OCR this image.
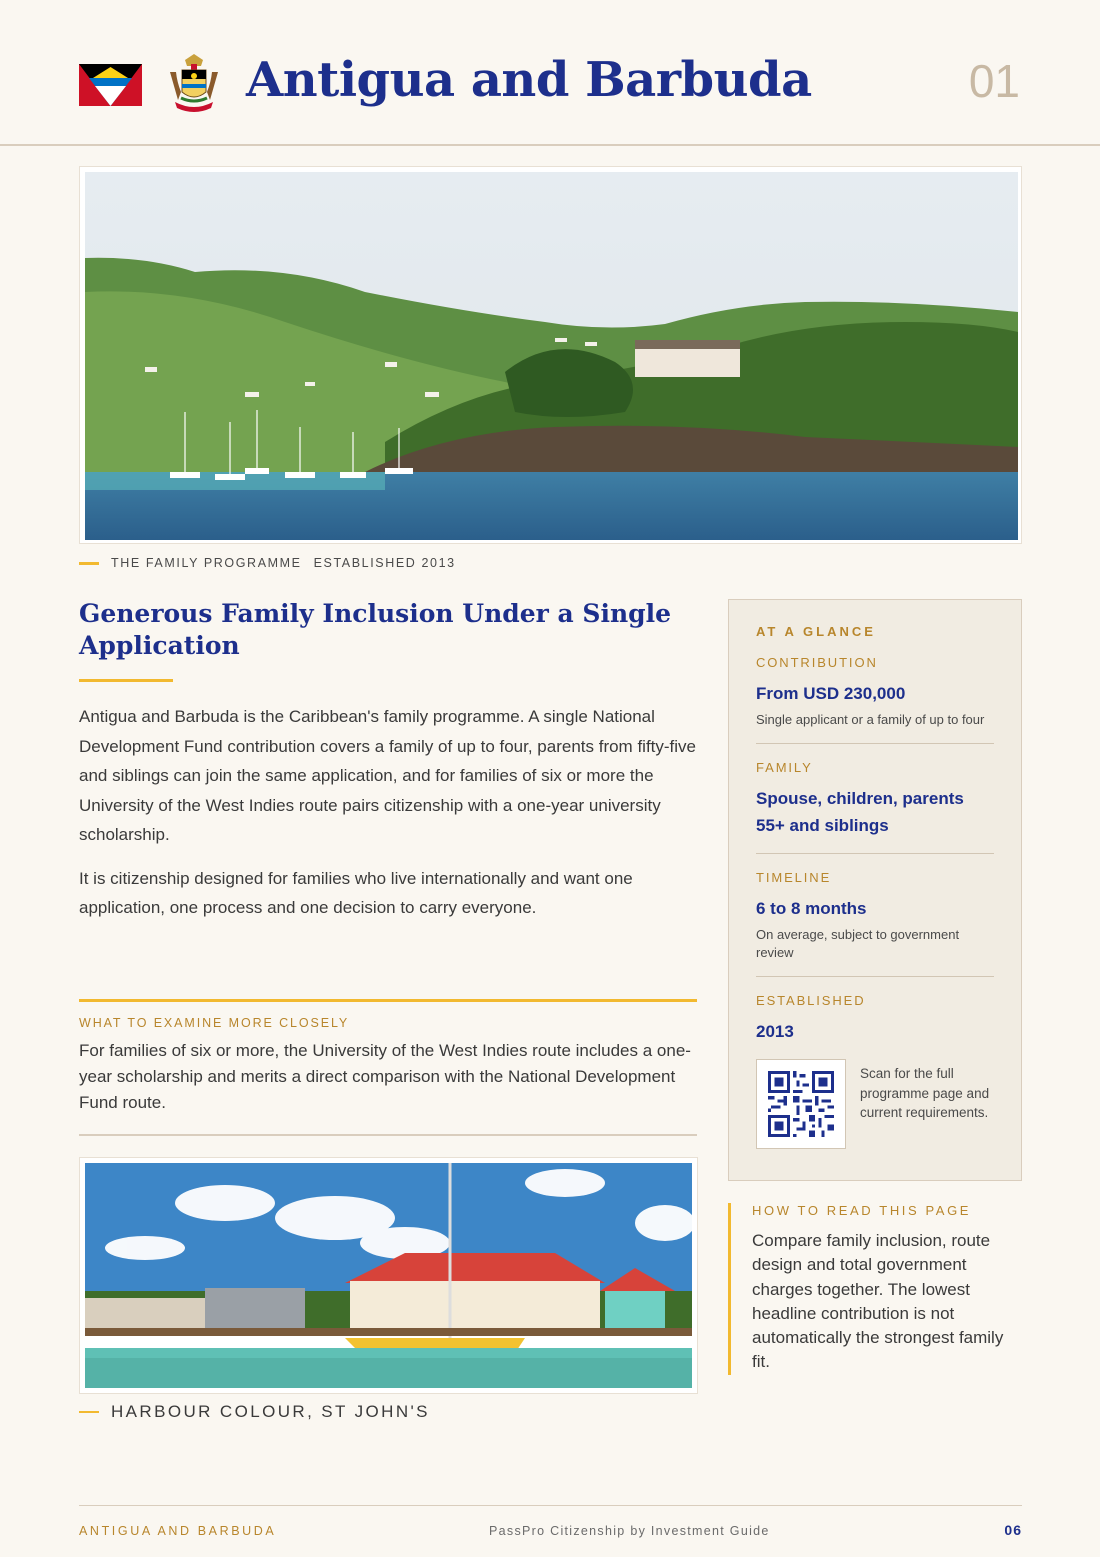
Antigua and Barbuda	01
THE FAMILY PROGRAMME ESTABLISHED 2013
Generous Family Inclusion Under a Single Application

Antigua and Barbuda is the Caribbean's family programme. A single National Development Fund contribution covers a family of up to four, parents from fifty-five and siblings can join the same application, and for families of six or more the University of the West Indies route pairs citizenship with a one-year university scholarship.

It is citizenship designed for families who live internationally and want one application, one process and one decision to carry everyone.

WHAT TO EXAMINE MORE CLOSELY
For families of six or more, the University of the West Indies route includes a one-year scholarship and merits a direct comparison with the National Development Fund route.
HARBOUR COLOUR, ST JOHN'S
AT A GLANCE
CONTRIBUTION
From USD 230,000
Single applicant or a family of up to four
FAMILY
Spouse, children, parents 55+ and siblings
TIMELINE
6 to 8 months
On average, subject to government review
ESTABLISHED
2013
Scan for the full programme page and current requirements.
HOW TO READ THIS PAGE
Compare family inclusion, route design and total government charges together. The lowest headline contribution is not automatically the strongest family fit.
ANTIGUA AND BARBUDA	PassPro Citizenship by Investment Guide	06
